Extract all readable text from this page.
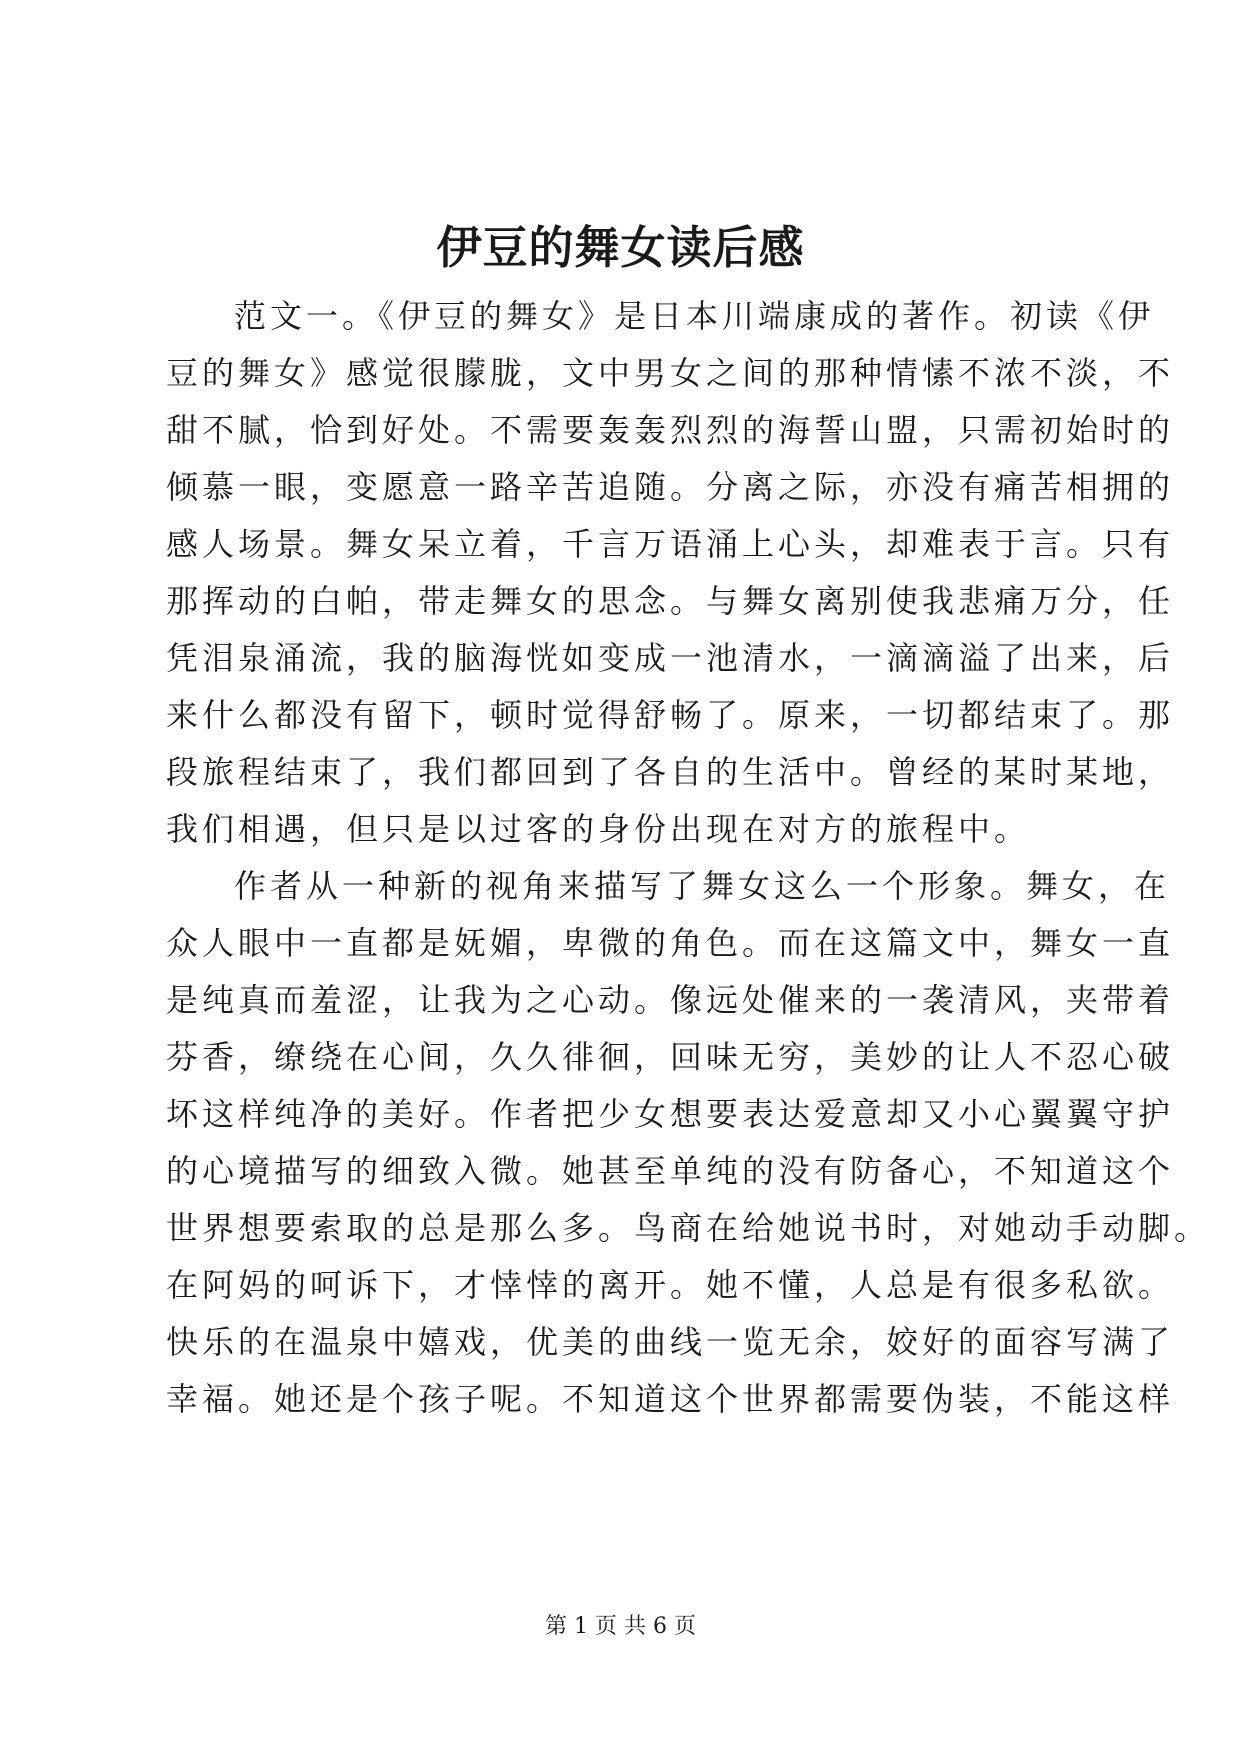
伊豆的舞女读后感
范文一。《伊豆的舞女》是日本川端康成的著作。初读《伊
豆的舞女》感觉很朦胧，文中男女之间的那种情愫不浓不淡，不
甜不腻，恰到好处。不需要轰轰烈烈的海誓山盟，只需初始时的
倾慕一眼，变愿意一路辛苦追随。分离之际，亦没有痛苦相拥的
感人场景。舞女呆立着，千言万语涌上心头，却难表于言。只有
那挥动的白帕，带走舞女的思念。与舞女离别使我悲痛万分，任
凭泪泉涌流，我的脑海恍如变成一池清水，一滴滴溢了出来，后
来什么都没有留下，顿时觉得舒畅了。原来，一切都结束了。那
段旅程结束了，我们都回到了各自的生活中。曾经的某时某地，
我们相遇，但只是以过客的身份出现在对方的旅程中。
作者从一种新的视角来描写了舞女这么一个形象。舞女，在
众人眼中一直都是妩媚，卑微的角色。而在这篇文中，舞女一直
是纯真而羞涩，让我为之心动。像远处催来的一袭清风，夹带着
芬香，缭绕在心间，久久徘徊，回味无穷，美妙的让人不忍心破
坏这样纯净的美好。作者把少女想要表达爱意却又小心翼翼守护
的心境描写的细致入微。她甚至单纯的没有防备心，不知道这个
世界想要索取的总是那么多。鸟商在给她说书时，对她动手动脚。
在阿妈的呵诉下，才悻悻的离开。她不懂，人总是有很多私欲。
快乐的在温泉中嬉戏，优美的曲线一览无余，姣好的面容写满了
幸福。她还是个孩子呢。不知道这个世界都需要伪装，不能这样
第 1 页 共 6 页
